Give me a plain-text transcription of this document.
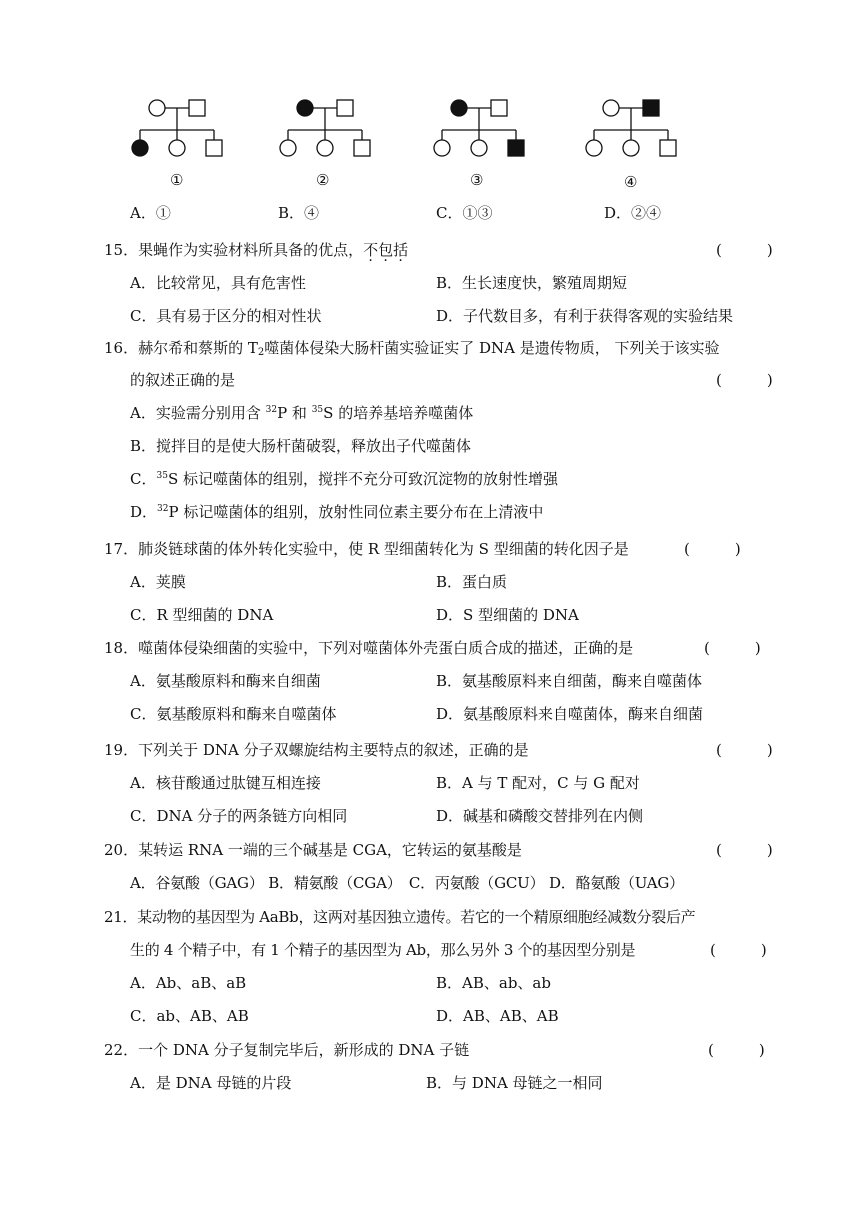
①	②	③	④
A．①	B．④	C．①③	D．②④
15．果蝇作为实验材料所具备的优点，不包括	(　　　)
A．比较常见，具有危害性	B．生长速度快，繁殖周期短
C．具有易于区分的相对性状	D．子代数目多，有利于获得客观的实验结果
16．赫尔希和蔡斯的 T2噬菌体侵染大肠杆菌实验证实了 DNA 是遗传物质， 下列关于该实验
的叙述正确的是	(　　　)
A．实验需分别用含 $^{32}$P 和 $^{35}$S 的培养基培养噬菌体
B．搅拌目的是使大肠杆菌破裂，释放出子代噬菌体
C．$^{35}$S 标记噬菌体的组别，搅拌不充分可致沉淀物的放射性增强
D．$^{32}$P 标记噬菌体的组别，放射性同位素主要分布在上清液中
17．肺炎链球菌的体外转化实验中，使 R 型细菌转化为 S 型细菌的转化因子是	(　　　)
A．荚膜	B．蛋白质
C．R 型细菌的 DNA	D．S 型细菌的 DNA
18．噬菌体侵染细菌的实验中，下列对噬菌体外壳蛋白质合成的描述，正确的是	(　　　)
A．氨基酸原料和酶来自细菌	B．氨基酸原料来自细菌，酶来自噬菌体
C．氨基酸原料和酶来自噬菌体	D．氨基酸原料来自噬菌体，酶来自细菌
19．下列关于 DNA 分子双螺旋结构主要特点的叙述，正确的是	(　　　)
A．核苷酸通过肽键互相连接	B．A 与 T 配对，C 与 G 配对
C．DNA 分子的两条链方向相同	D．碱基和磷酸交替排列在内侧
20．某转运 RNA 一端的三个碱基是 CGA，它转运的氨基酸是	(　　　)
A．谷氨酸（GAG） B．精氨酸（CGA）　C．丙氨酸（GCU） D．酪氨酸（UAG）
21．某动物的基因型为 AaBb，这两对基因独立遗传。若它的一个精原细胞经减数分裂后产
生的 4 个精子中，有 1 个精子的基因型为 Ab，那么另外 3 个的基因型分别是	(　　　)
A．Ab、aB、aB	B．AB、ab、ab
C．ab、AB、AB	D．AB、AB、AB
22．一个 DNA 分子复制完毕后，新形成的 DNA 子链	(　　　)
A．是 DNA 母链的片段	B．与 DNA 母链之一相同
